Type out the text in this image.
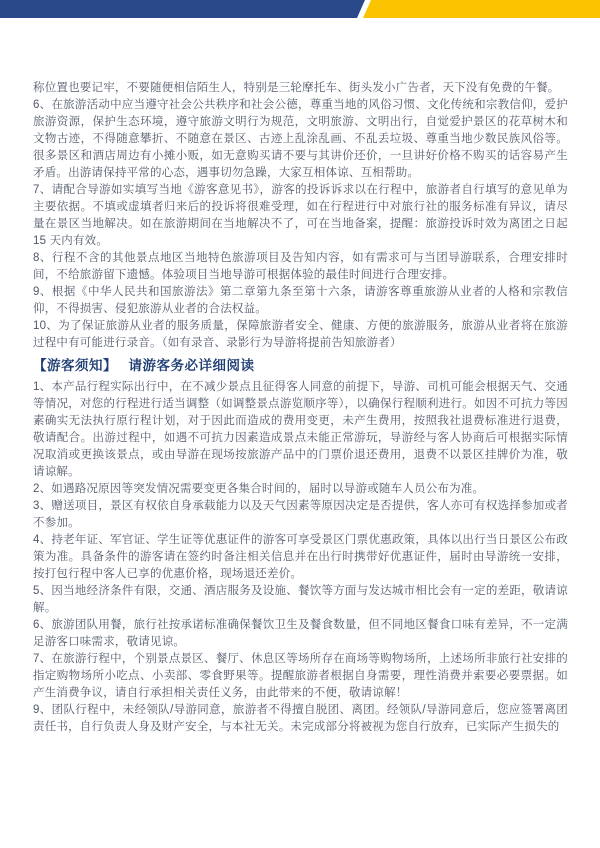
称位置也要记牢，不要随便相信陌生人，特别是三轮摩托车、街头发小广告者，天下没有免费的午餐。

6、在旅游活动中应当遵守社会公共秩序和社会公德，尊重当地的风俗习惯、文化传统和宗教信仰，爱护旅游资源，保护生态环境，遵守旅游文明行为规范，文明旅游、文明出行，自觉爱护景区的花草树木和文物古迹，不得随意攀折、不随意在景区、古迹上乱涂乱画、不乱丢垃圾、尊重当地少数民族风俗等。很多景区和酒店周边有小摊小贩，如无意购买请不要与其讲价还价，一旦讲好价格不购买的话容易产生矛盾。出游请保持平常的心态，遇事切勿急躁，大家互相体谅、互相帮助。

7、请配合导游如实填写当地《游客意见书》，游客的投诉诉求以在行程中，旅游者自行填写的意见单为主要依据。不填或虚填者归来后的投诉将很难受理，如在行程进行中对旅行社的服务标准有异议，请尽量在景区当地解决。如在旅游期间在当地解决不了，可在当地备案，提醒：旅游投诉时效为离团之日起 15 天内有效。

8、行程不含的其他景点地区当地特色旅游项目及告知内容，如有需求可与当团导游联系，合理安排时间，不给旅游留下遗憾。体验项目当地导游可根据体验的最佳时间进行合理安排。

9、根据《中华人民共和国旅游法》第二章第九条至第十六条，请游客尊重旅游从业者的人格和宗教信仰，不得损害、侵犯旅游从业者的合法权益。

10、为了保证旅游从业者的服务质量，保障旅游者安全、健康、方便的旅游服务，旅游从业者将在旅游过程中有可能进行录音。（如有录音、录影行为导游将提前告知旅游者）

【游客须知】　 请游客务必详细阅读

1、本产品行程实际出行中，在不减少景点且征得客人同意的前提下，导游、司机可能会根据天气、交通等情况，对您的行程进行适当调整（如调整景点游览顺序等），以确保行程顺利进行。如因不可抗力等因素确实无法执行原行程计划，对于因此而造成的费用变更，未产生费用，按照我社退费标准进行退费，敬请配合。出游过程中，如遇不可抗力因素造成景点未能正常游玩，导游经与客人协商后可根据实际情况取消或更换该景点，或由导游在现场按旅游产品中的门票价退还费用，退费不以景区挂牌价为准，敬请谅解。

2、如遇路况原因等突发情况需要变更各集合时间的，届时以导游或随车人员公布为准。

3、赠送项目，景区有权依自身承载能力以及天气因素等原因决定是否提供，客人亦可有权选择参加或者不参加。

4、持老年证、军官证、学生证等优惠证件的游客可享受景区门票优惠政策，具体以出行当日景区公布政策为准。具备条件的游客请在签约时备注相关信息并在出行时携带好优惠证件，届时由导游统一安排，按打包行程中客人已享的优惠价格，现场退还差价。

5、因当地经济条件有限，交通、酒店服务及设施、餐饮等方面与发达城市相比会有一定的差距，敬请谅解。

6、旅游团队用餐，旅行社按承诺标准确保餐饮卫生及餐食数量，但不同地区餐食口味有差异，不一定满足游客口味需求，敬请见谅。

7、在旅游行程中，个别景点景区、餐厅、休息区等场所存在商场等购物场所，上述场所非旅行社安排的指定购物场所小吃点、小卖部、零食野果等。提醒旅游者根据自身需要，理性消费并索要必要票据。如产生消费争议，请自行承担相关责任义务，由此带来的不便，敬请谅解！

9、团队行程中，未经领队/导游同意，旅游者不得擅自脱团、离团。经领队/导游同意后，您应签署离团责任书，自行负责人身及财产安全，与本社无关。未完成部分将被视为您自行放弃，已实际产生损失的
